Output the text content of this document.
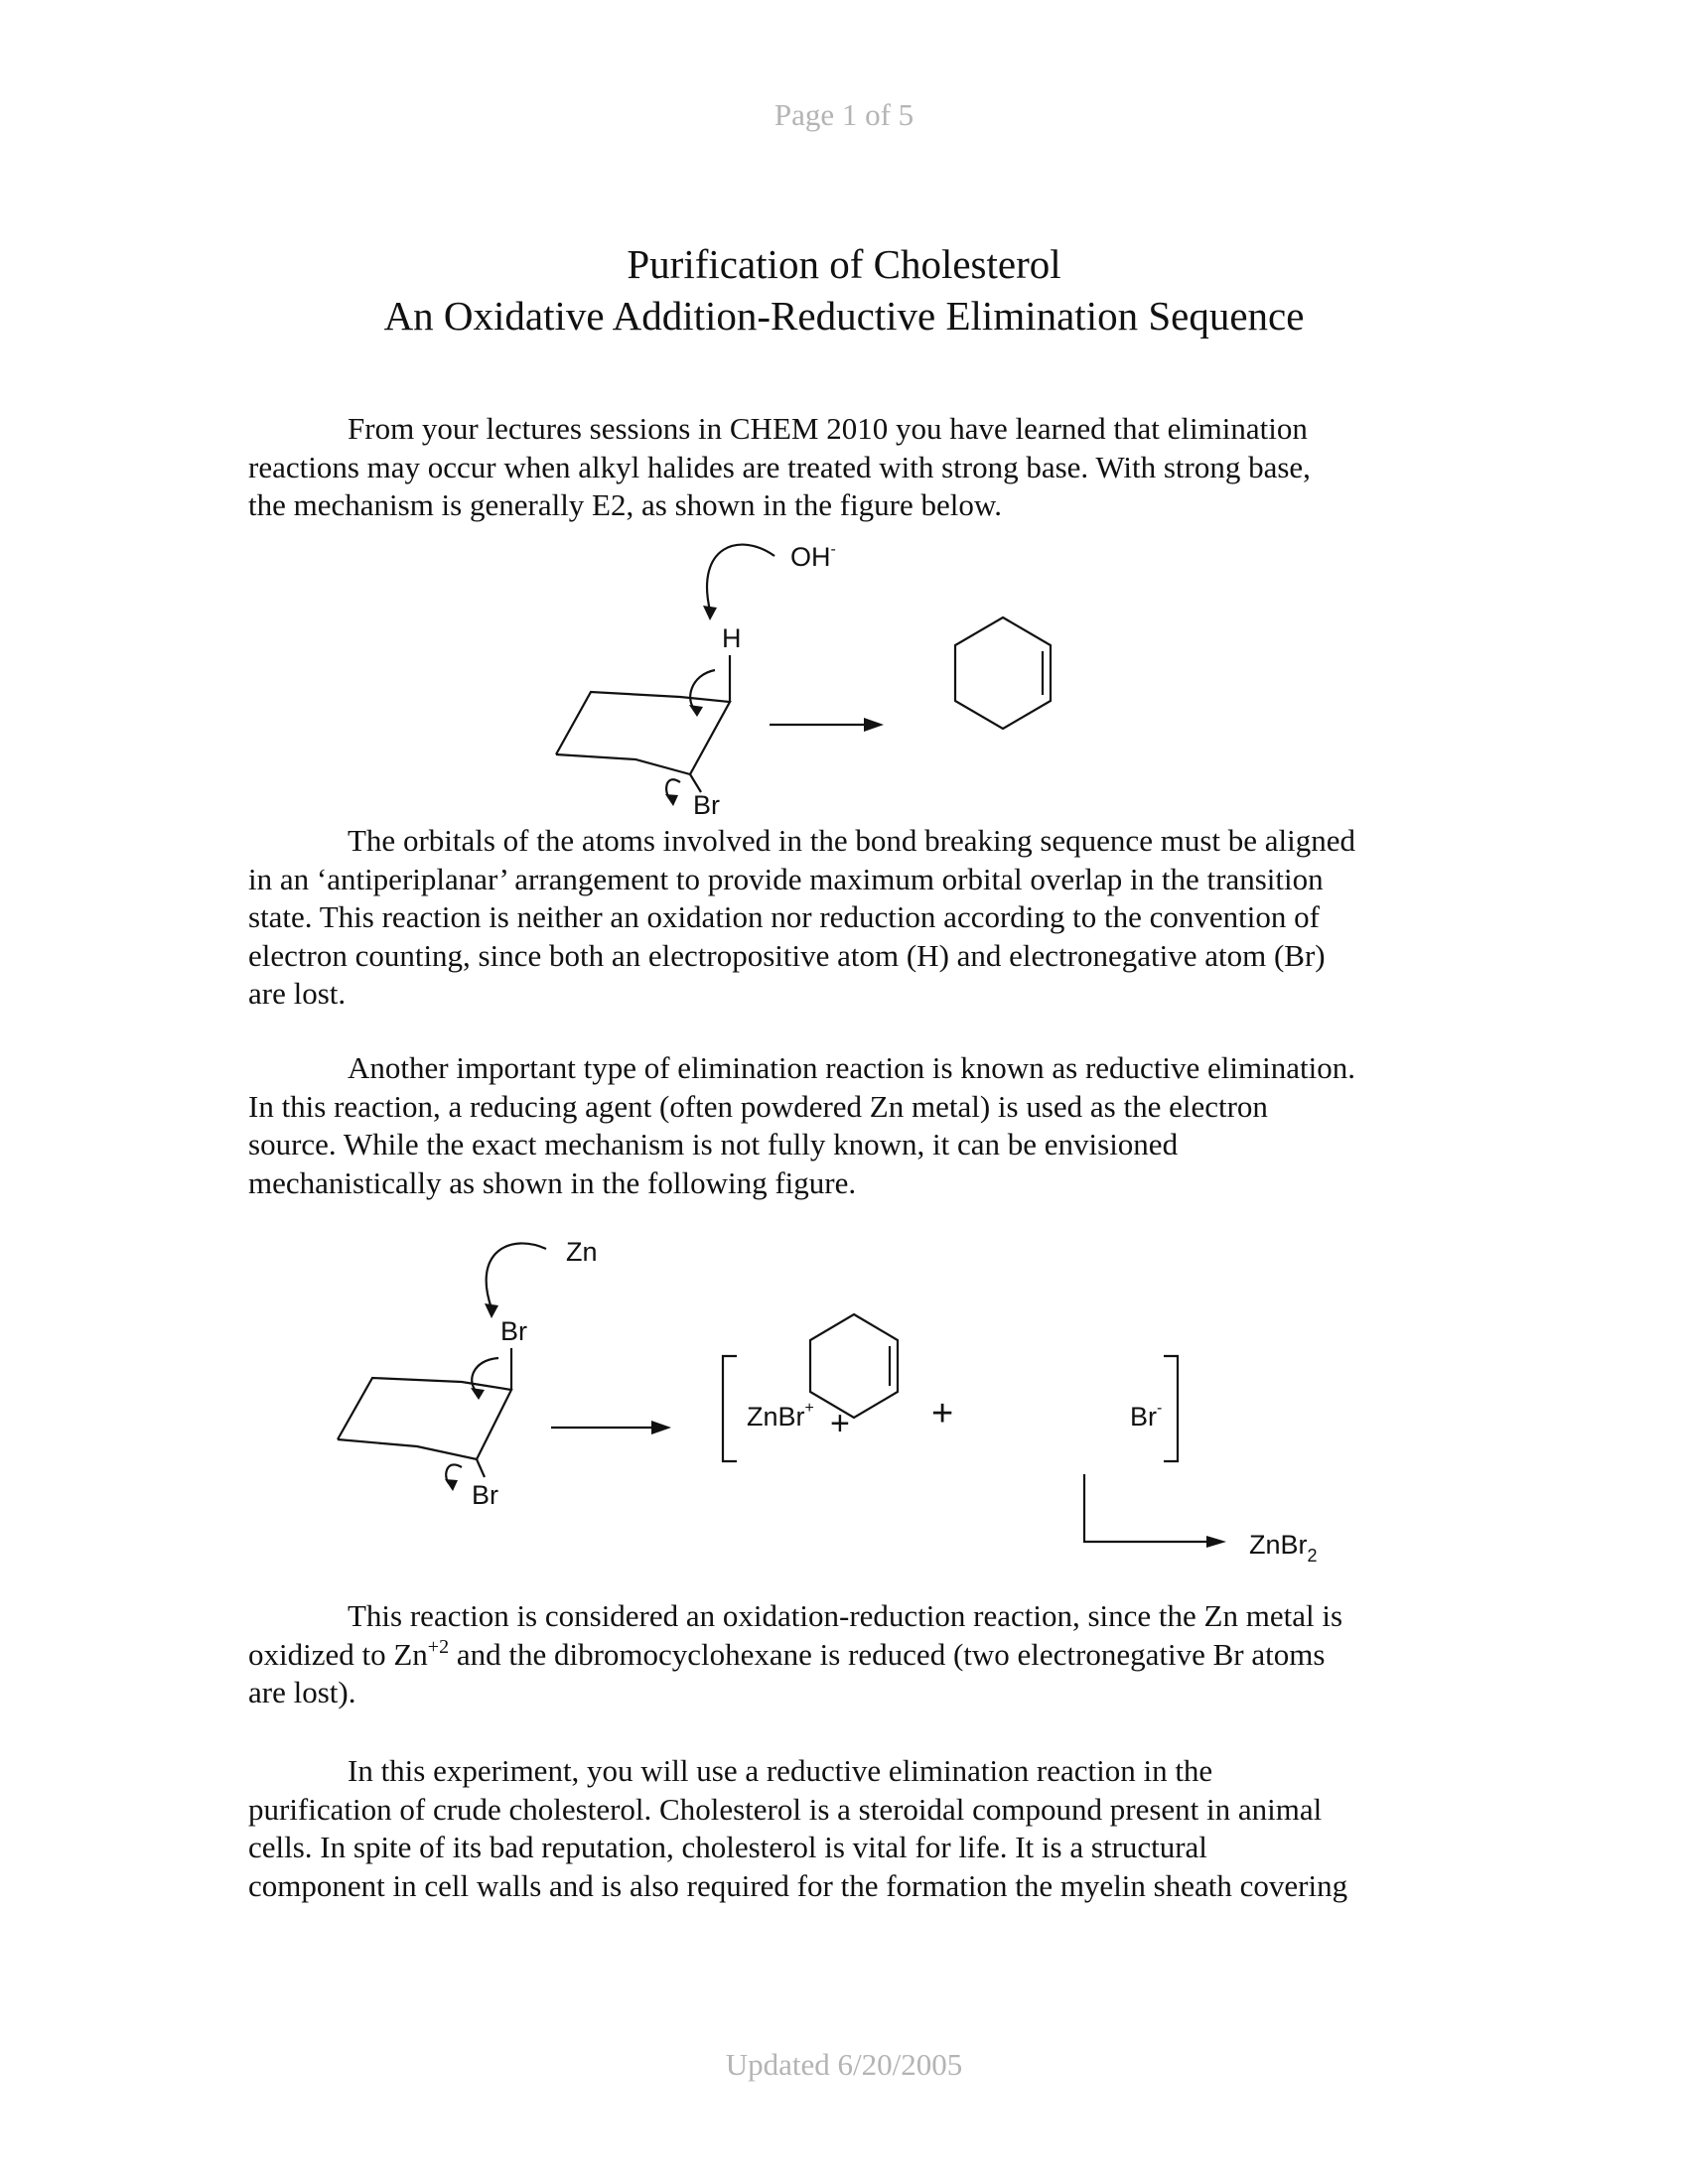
Page 1 of 5
Purification of Cholesterol
An Oxidative Addition-Reductive Elimination Sequence
From your lectures sessions in CHEM 2010 you have learned that elimination
reactions may occur when alkyl halides are treated with strong base. With strong base,
the mechanism is generally E2, as shown in the figure below.
OH-
H
Br
The orbitals of the atoms involved in the bond breaking sequence must be aligned
in an ‘antiperiplanar’ arrangement to provide maximum orbital overlap in the transition
state. This reaction is neither an oxidation nor reduction according to the convention of
electron counting, since both an electropositive atom (H) and electronegative atom (Br)
are lost.
Another important type of elimination reaction is known as reductive elimination.
In this reaction, a reducing agent (often powdered Zn metal) is used as the electron
source. While the exact mechanism is not fully known, it can be envisioned
mechanistically as shown in the following figure.
Zn
Br
Br
+
ZnBr+ +	Br-
ZnBr$_2$
This reaction is considered an oxidation-reduction reaction, since the Zn metal is
oxidized to $Zn^{+2}$ and the dibromocyclohexane is reduced (two electronegative Br atoms
are lost).
In this experiment, you will use a reductive elimination reaction in the
purification of crude cholesterol. Cholesterol is a steroidal compound present in animal
cells. In spite of its bad reputation, cholesterol is vital for life. It is a structural
component in cell walls and is also required for the formation the myelin sheath covering
Updated 6/20/2005
